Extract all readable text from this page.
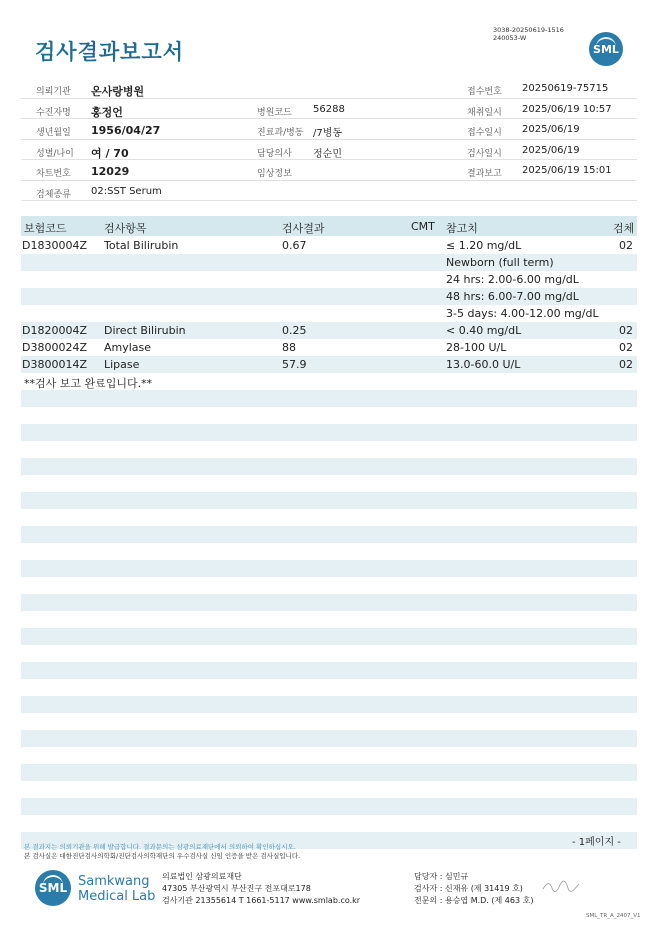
3038-20250619-1516
240053-W
검사결과보고서	SML
의뢰기관 온사랑병원	접수번호 20250619-75715
수진자명 홍정언	병원코드 56288	채취일시 2025/06/19 10:57
생년월일 1956/04/27	진료과/병동 /7병동	접수일시 2025/06/19
성별/나이 여 / 70	담당의사 정순민	검사일시 2025/06/19
차트번호 12029	임상정보	결과보고 2025/06/19 15:01
검체종류 02:SST Serum
보험코드	검사항목	검사결과	CMT 참고치	검체
D1830004Z Total Bilirubin	0.67	≤ 1.20 mg/dL	02
Newborn (full term)
24 hrs: 2.00-6.00 mg/dL
48 hrs: 6.00-7.00 mg/dL
3-5 days: 4.00-12.00 mg/dL
D1820004Z Direct Bilirubin	0.25	< 0.40 mg/dL	02
D3800024Z Amylase	88	28-100 U/L	02
D3800014Z Lipase	57.9	13.0-60.0 U/L	02
**검사 보고 완료입니다.**
본 결과지는 의뢰기관을 위해 발급합니다. 결과문의는 삼광의료재단에서 의뢰하여 확인하십시오.
본 검사실은 대한진단검사의학회/진단검사의학재단의 우수검사실 신임 인증을 받은 검사실입니다.
- 1페이지 -
SML Samkwang
Medical Lab
의료법인 삼광의료재단
47305 부산광역시 부산진구 전포대로178
검사기관 21355614 T 1661-5117 www.smlab.co.kr
담당자 : 심민규
검사자 : 신재유 (제 31419 호)
전문의 : 용승엽 M.D. (제 463 호)
SML_TR_A_2407_V1
